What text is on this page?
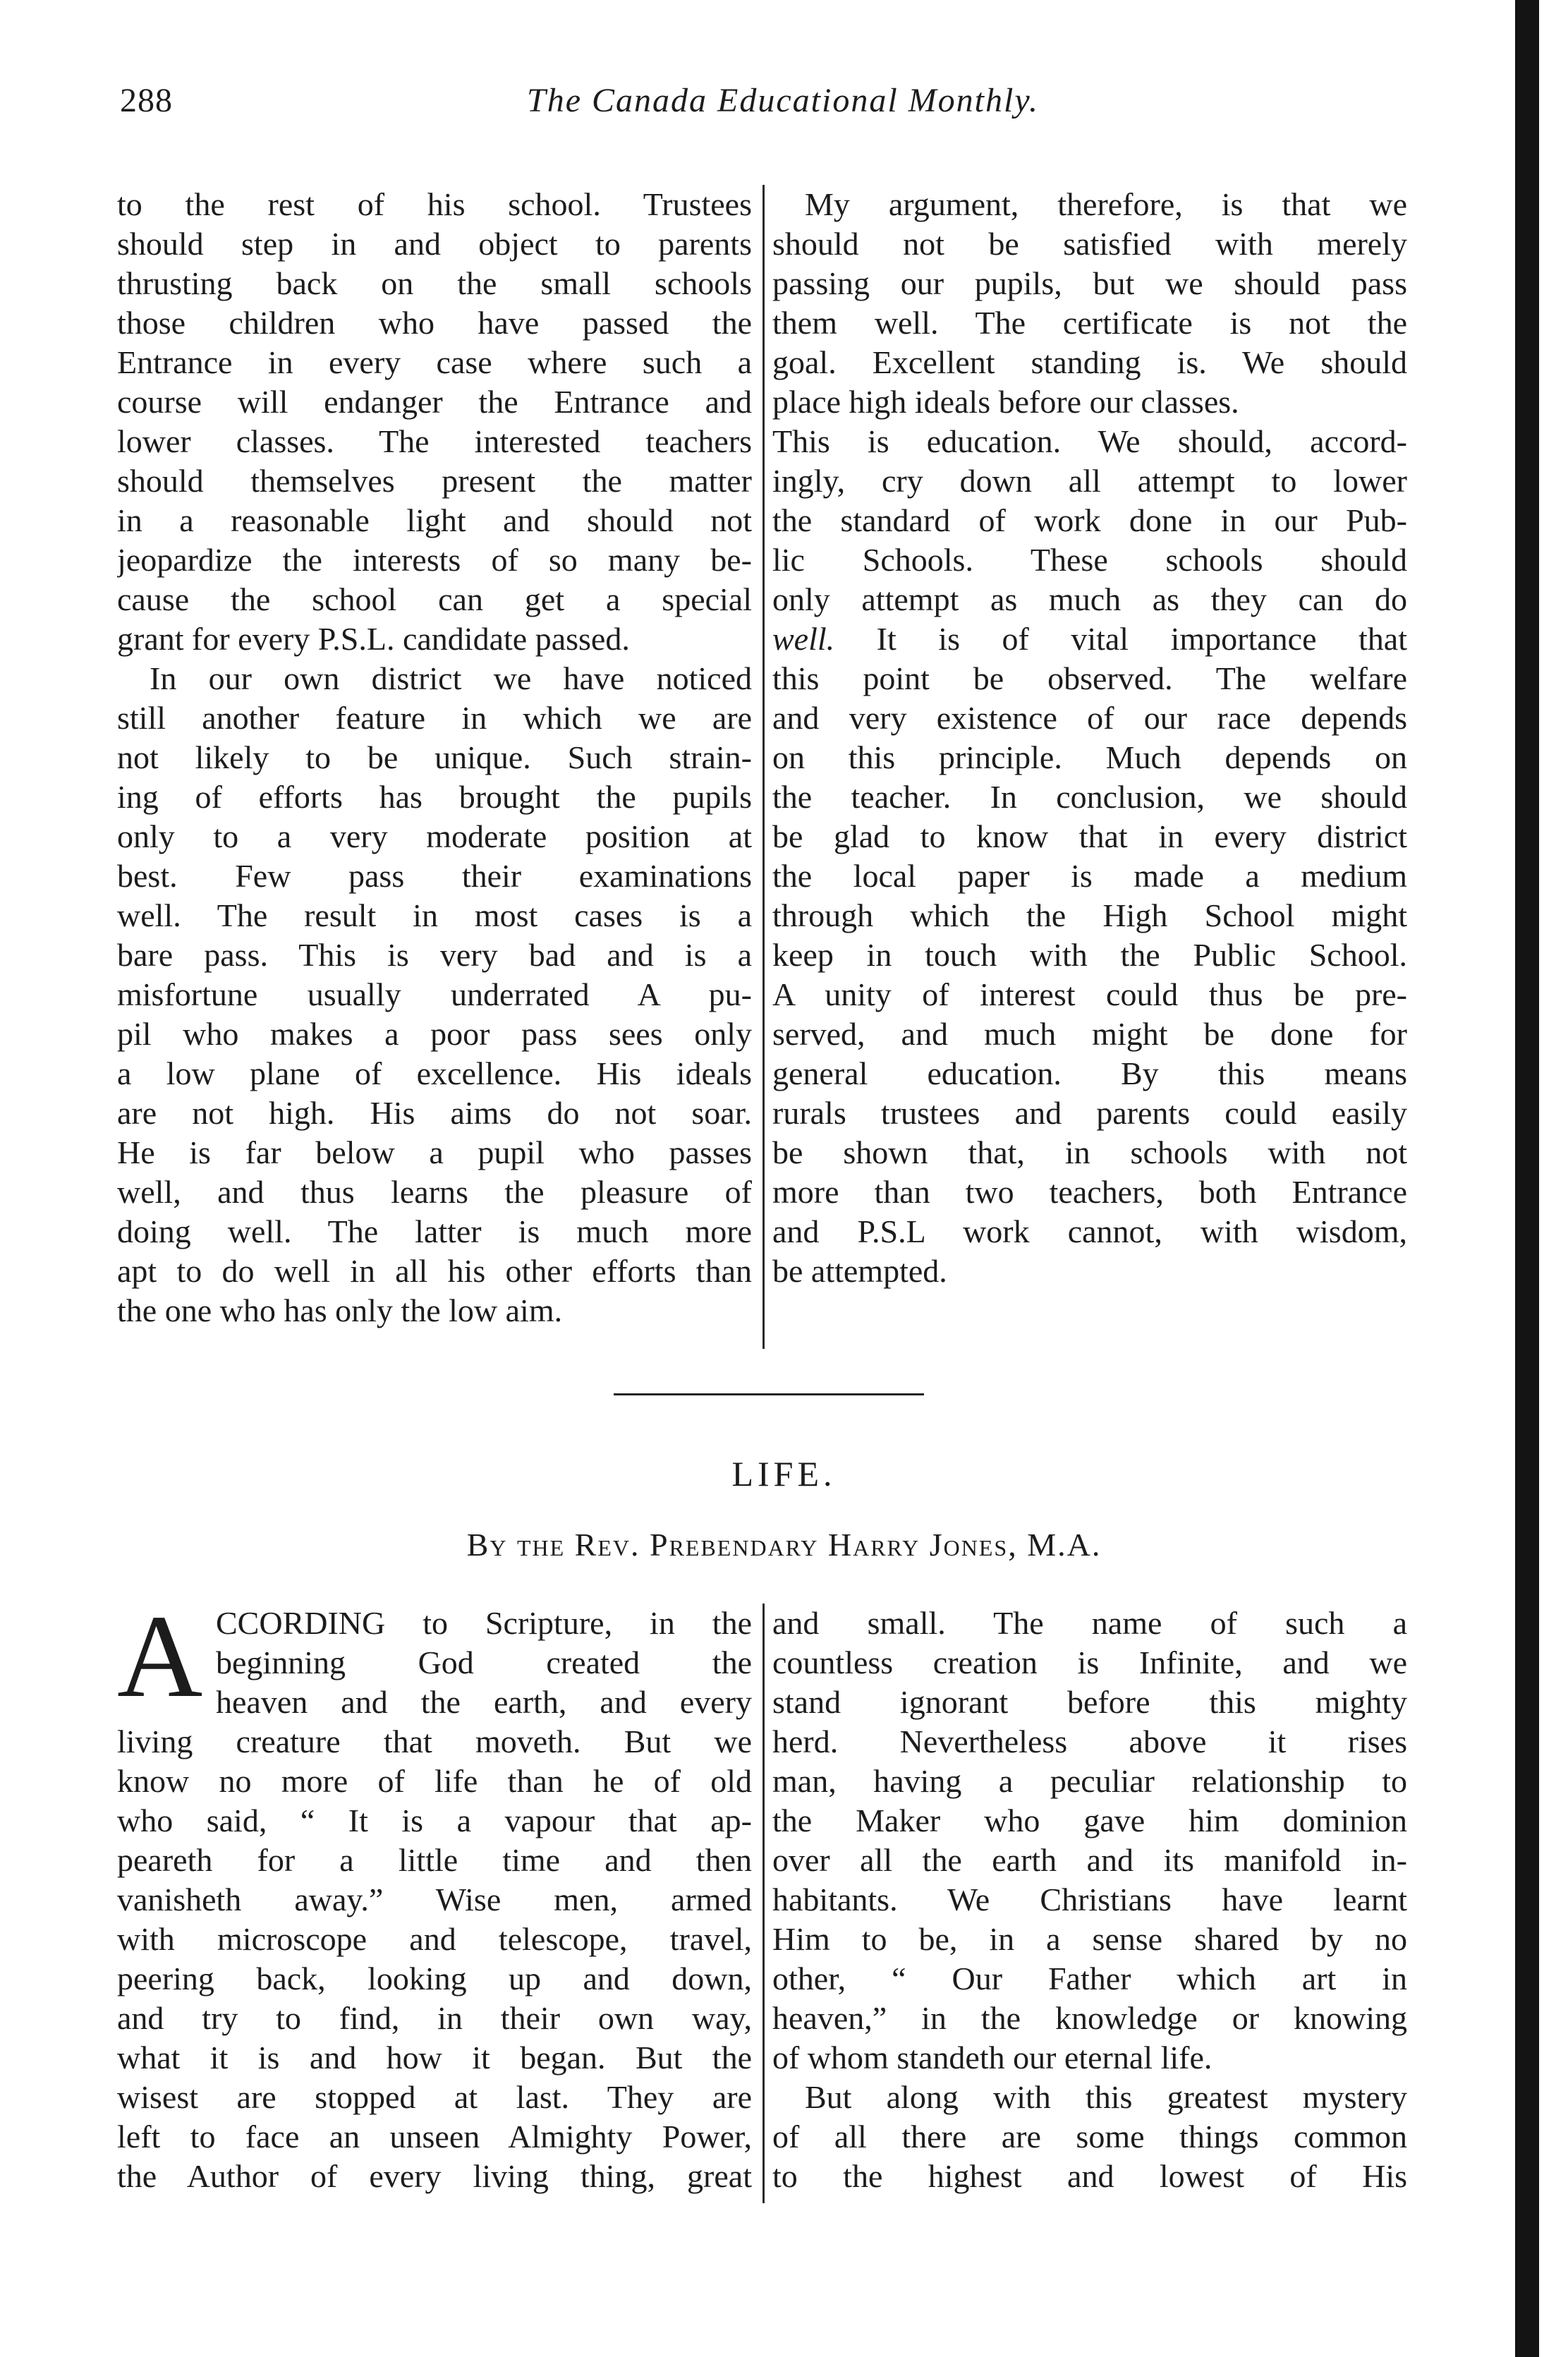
288	The Canada Educational Monthly.
to the rest of his school. Trustees
should step in and object to parents
thrusting back on the small schools
those children who have passed the
Entrance in every case where such a
course will endanger the Entrance and
lower classes. The interested teachers
should themselves present the matter
in a reasonable light and should not
jeopardize the interests of so many be-
cause the school can get a special
grant for every P.S.L. candidate passed.
In our own district we have noticed
still another feature in which we are
not likely to be unique. Such strain-
ing of efforts has brought the pupils
only to a very moderate position at
best. Few pass their examinations
well. The result in most cases is a
bare pass. This is very bad and is a
misfortune usually underrated A pu-
pil who makes a poor pass sees only
a low plane of excellence. His ideals
are not high. His aims do not soar.
He is far below a pupil who passes
well, and thus learns the pleasure of
doing well. The latter is much more
apt to do well in all his other efforts than
the one who has only the low aim.
My argument, therefore, is that we
should not be satisfied with merely
passing our pupils, but we should pass
them well. The certificate is not the
goal. Excellent standing is. We should
place high ideals before our classes.
This is education. We should, accord-
ingly, cry down all attempt to lower
the standard of work done in our Pub-
lic Schools. These schools should
only attempt as much as they can do
well. It is of vital importance that
this point be observed. The welfare
and very existence of our race depends
on this principle. Much depends on
the teacher. In conclusion, we should
be glad to know that in every district
the local paper is made a medium
through which the High School might
keep in touch with the Public School.
A unity of interest could thus be pre-
served, and much might be done for
general education. By this means
rurals trustees and parents could easily
be shown that, in schools with not
more than two teachers, both Entrance
and P.S.L work cannot, with wisdom,
be attempted.
LIFE.
By the Rev. Prebendary Harry Jones, M.A.
A CCORDING to Scripture, in the
beginning God created the
heaven and the earth, and every
living creature that moveth. But we
know no more of life than he of old
who said, “ It is a vapour that ap-
peareth for a little time and then
vanisheth away.” Wise men, armed
with microscope and telescope, travel,
peering back, looking up and down,
and try to find, in their own way,
what it is and how it began. But the
wisest are stopped at last. They are
left to face an unseen Almighty Power,
the Author of every living thing, great
and small. The name of such a
countless creation is Infinite, and we
stand ignorant before this mighty
herd. Nevertheless above it rises
man, having a peculiar relationship to
the Maker who gave him dominion
over all the earth and its manifold in-
habitants. We Christians have learnt
Him to be, in a sense shared by no
other, “ Our Father which art in
heaven,” in the knowledge or knowing
of whom standeth our eternal life.
But along with this greatest mystery
of all there are some things common
to the highest and lowest of His
